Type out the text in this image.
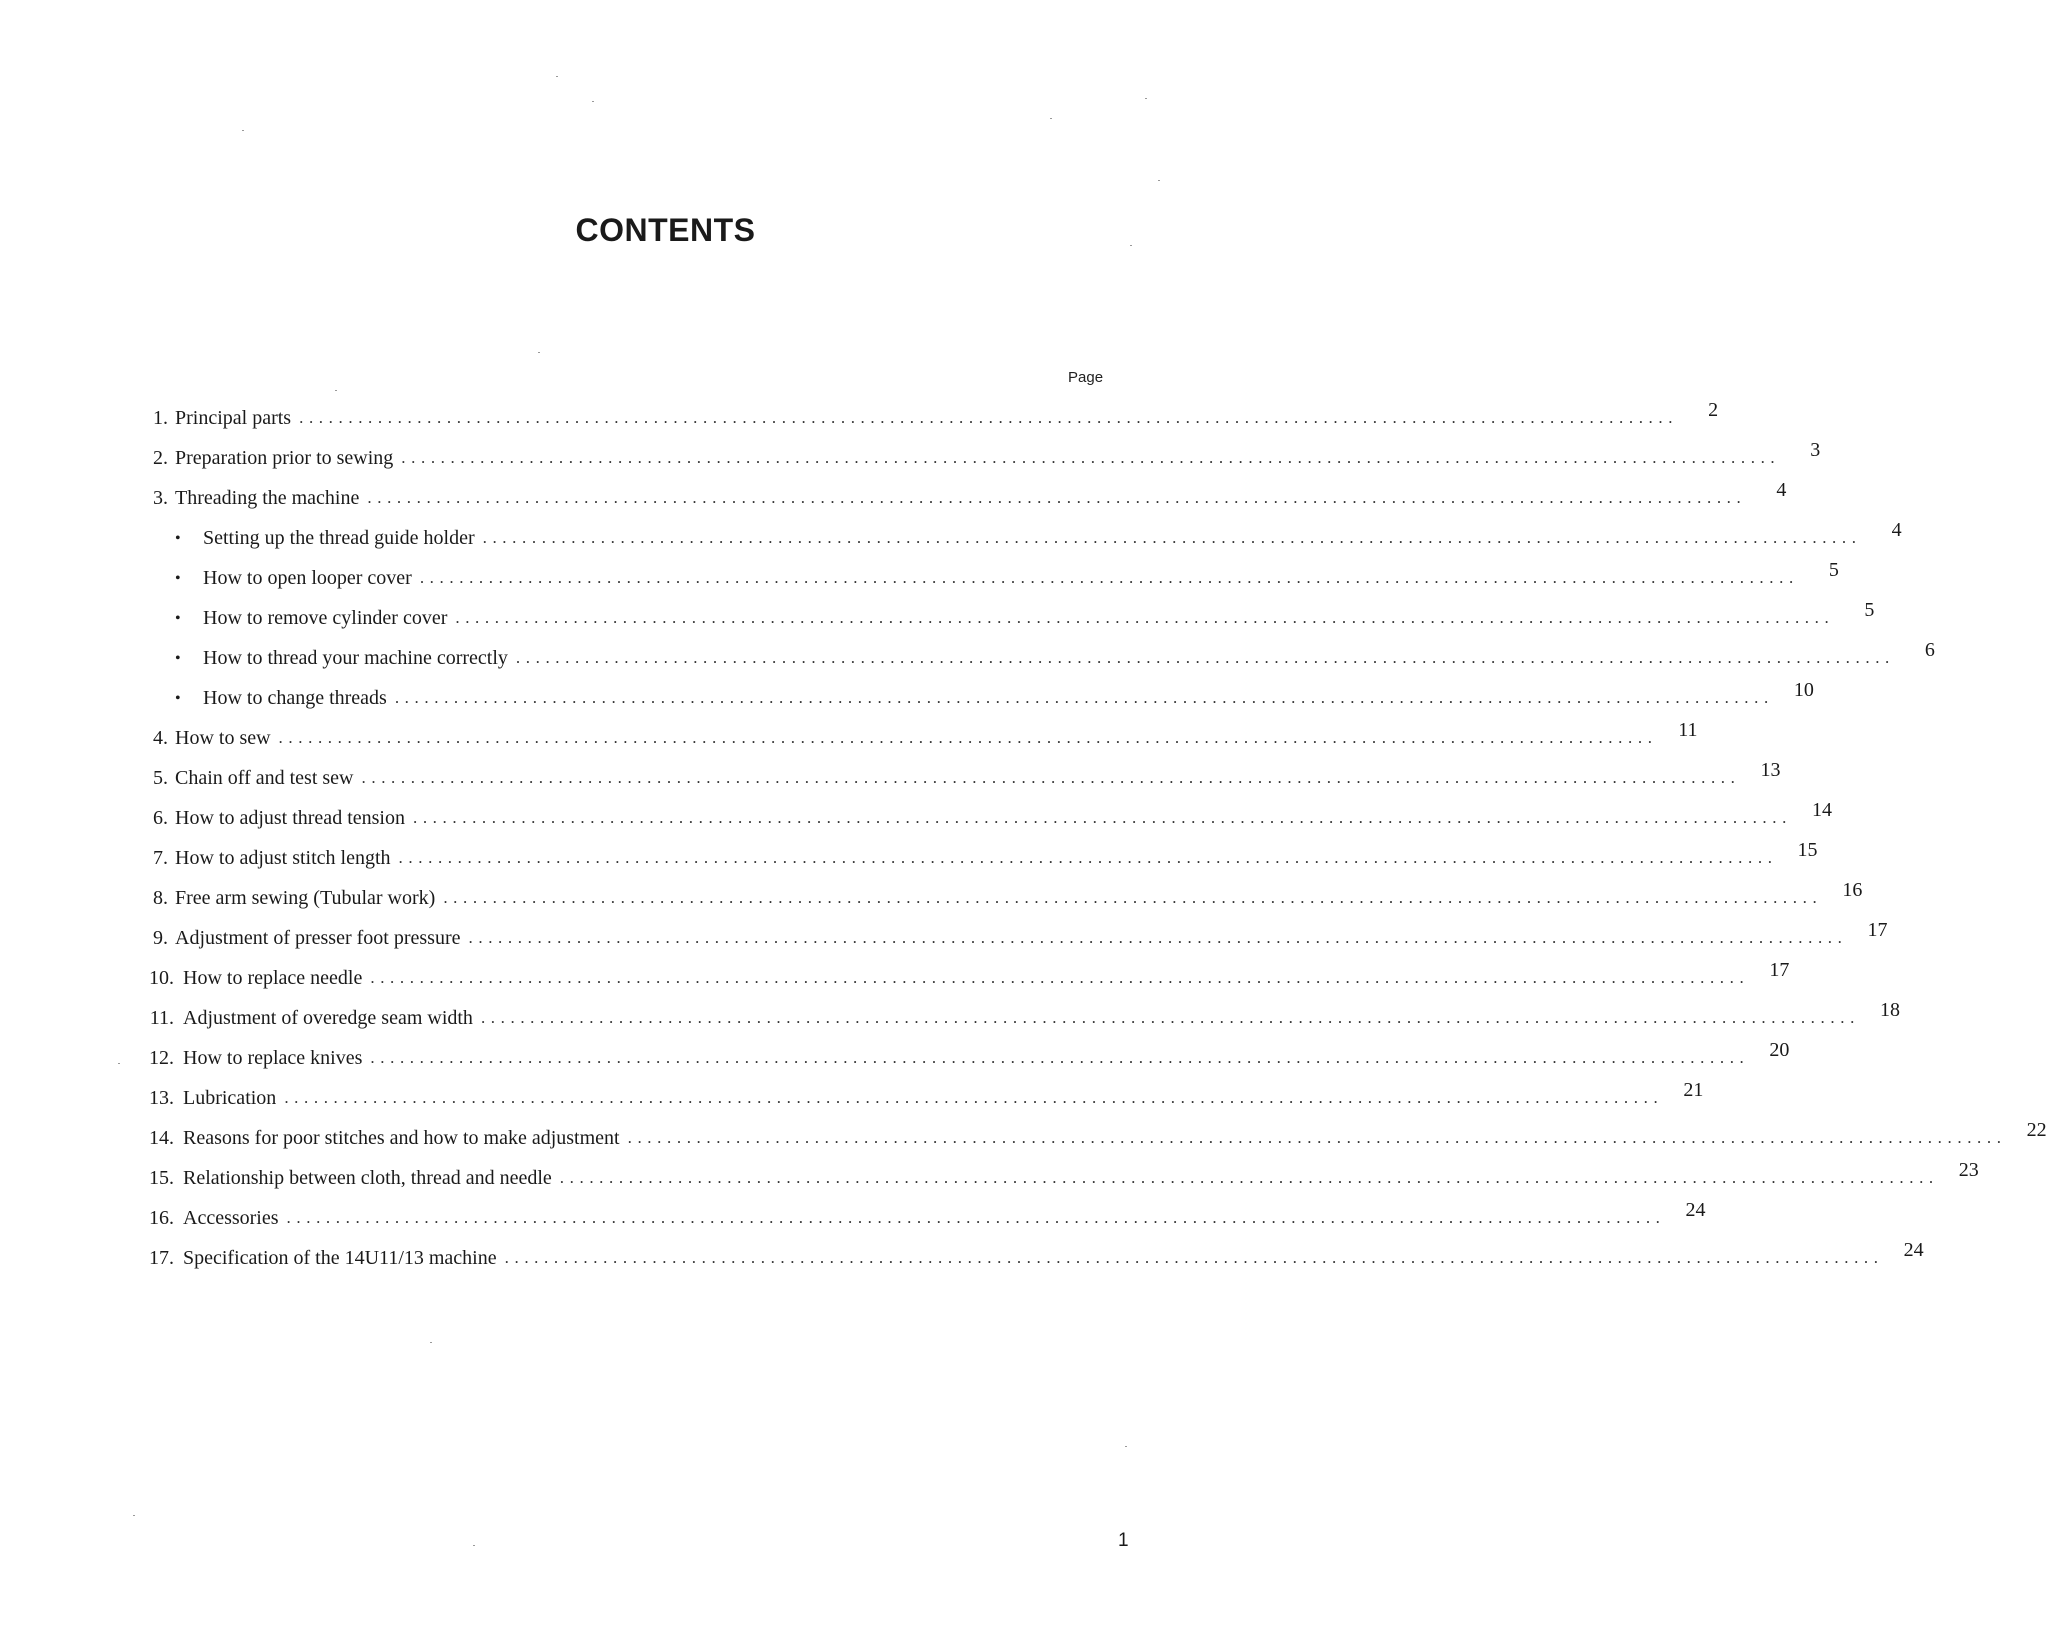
CONTENTS
Page
1. Principal parts ............................................................................................................................................	2
2. Preparation prior to sewing ............................................................................................................................................	3
3. Threading the machine ............................................................................................................................................	4
•	Setting up the thread guide holder ............................................................................................................................................	4
•	How to open looper cover ............................................................................................................................................	5
•	How to remove cylinder cover ............................................................................................................................................	5
•	How to thread your machine correctly ............................................................................................................................................	6
•	How to change threads ............................................................................................................................................	10
4. How to sew ............................................................................................................................................	11
5. Chain off and test sew ............................................................................................................................................	13
6. How to adjust thread tension ............................................................................................................................................	14
7. How to adjust stitch length ............................................................................................................................................	15
8. Free arm sewing (Tubular work) ............................................................................................................................................	16
9. Adjustment of presser foot pressure ............................................................................................................................................	17
10. How to replace needle ............................................................................................................................................	17
11. Adjustment of overedge seam width ............................................................................................................................................	18
12. How to replace knives ............................................................................................................................................	20
13. Lubrication ............................................................................................................................................	21
14. Reasons for poor stitches and how to make adjustment ............................................................................................................................................	22
15. Relationship between cloth, thread and needle ............................................................................................................................................	23
16. Accessories ............................................................................................................................................	24
17. Specification of the 14U11/13 machine ............................................................................................................................................	24
1
